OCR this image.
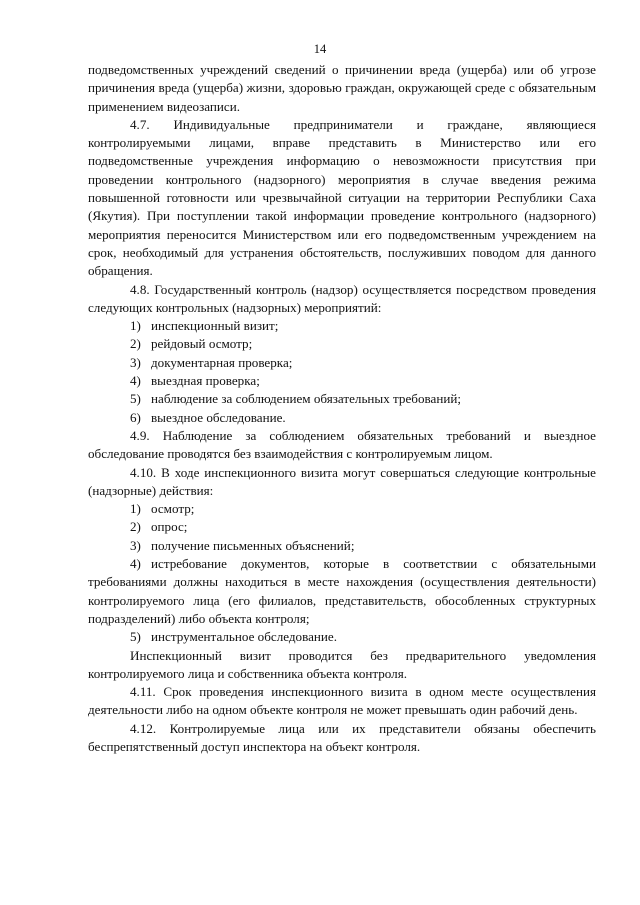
14

подведомственных учреждений сведений о причинении вреда (ущерба) или об угрозе причинения вреда (ущерба) жизни, здоровью граждан, окружающей среде с обязательным применением видеозаписи.

4.7. Индивидуальные предприниматели и граждане, являющиеся контролируемыми лицами, вправе представить в Министерство или его подведомственные учреждения информацию о невозможности присутствия при проведении контрольного (надзорного) мероприятия в случае введения режима повышенной готовности или чрезвычайной ситуации на территории Республики Саха (Якутия). При поступлении такой информации проведение контрольного (надзорного) мероприятия переносится Министерством или его подведомственным учреждением на срок, необходимый для устранения обстоятельств, послуживших поводом для данного обращения.

4.8. Государственный контроль (надзор) осуществляется посредством проведения следующих контрольных (надзорных) мероприятий:

1) инспекционный визит;

2) рейдовый осмотр;

3) документарная проверка;

4) выездная проверка;

5) наблюдение за соблюдением обязательных требований;

6) выездное обследование.

4.9. Наблюдение за соблюдением обязательных требований и выездное обследование проводятся без взаимодействия с контролируемым лицом.

4.10. В ходе инспекционного визита могут совершаться следующие контрольные (надзорные) действия:

1) осмотр;

2) опрос;

3) получение письменных объяснений;

4) истребование документов, которые в соответствии с обязательными требованиями должны находиться в месте нахождения (осуществления деятельности) контролируемого лица (его филиалов, представительств, обособленных структурных подразделений) либо объекта контроля;

5) инструментальное обследование.

Инспекционный визит проводится без предварительного уведомления контролируемого лица и собственника объекта контроля.

4.11. Срок проведения инспекционного визита в одном месте осуществления деятельности либо на одном объекте контроля не может превышать один рабочий день.

4.12. Контролируемые лица или их представители обязаны обеспечить беспрепятственный доступ инспектора на объект контроля.
